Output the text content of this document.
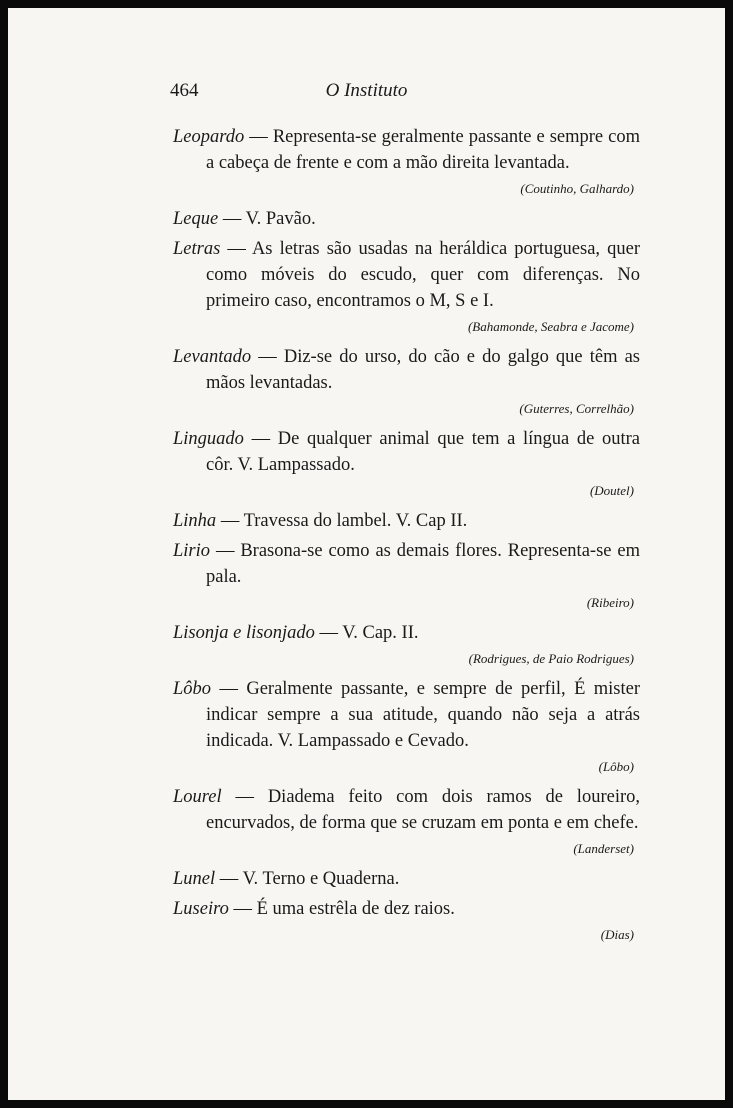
464	O Instituto
Leopardo — Representa-se geralmente passante e sempre com a cabeça de frente e com a mão direita levantada.
(Coutinho, Galhardo)
Leque — V. Pavão.
Letras — As letras são usadas na heráldica portuguesa, quer como móveis do escudo, quer com diferenças. No primeiro caso, encontramos o M, S e I.
(Bahamonde, Seabra e Jacome)
Levantado — Diz-se do urso, do cão e do galgo que têm as mãos levantadas.
(Guterres, Correlhão)
Linguado — De qualquer animal que tem a língua de outra côr. V. Lampassado.
(Doutel)
Linha — Travessa do lambel. V. Cap II.
Lirio — Brasona-se como as demais flores. Representa-se em pala.
(Ribeiro)
Lisonja e lisonjado — V. Cap. II.
(Rodrigues, de Paio Rodrigues)
Lôbo — Geralmente passante, e sempre de perfil, É mister indicar sempre a sua atitude, quando não seja a atrás indicada. V. Lampassado e Cevado.
(Lôbo)
Lourel — Diadema feito com dois ramos de loureiro, encurvados, de forma que se cruzam em ponta e em chefe.
(Landerset)
Lunel — V. Terno e Quaderna.
Luseiro — É uma estrêla de dez raios.
(Dias)
